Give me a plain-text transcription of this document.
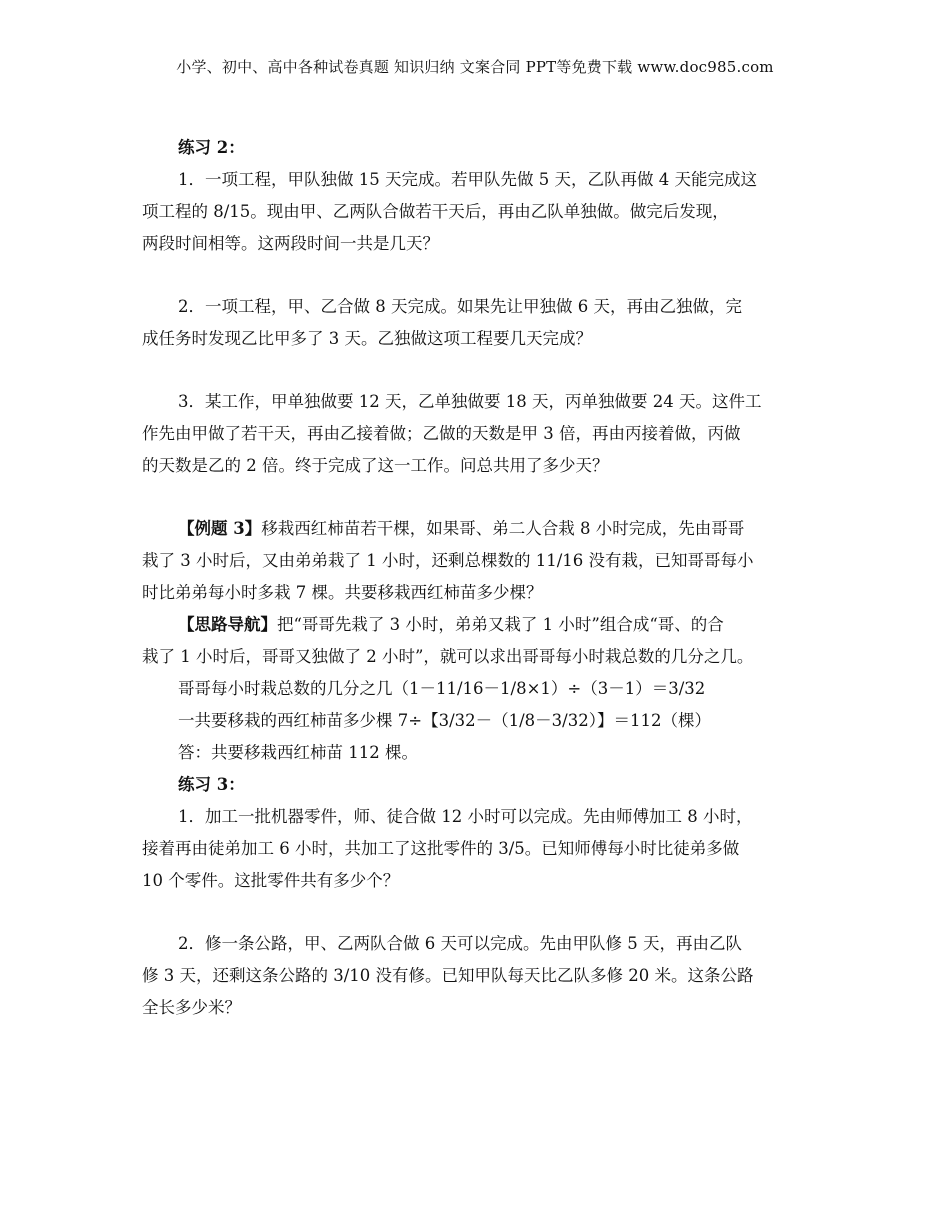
小学、初中、高中各种试卷真题 知识归纳 文案合同 PPT等免费下载 www.doc985.com
练习 2：
1．一项工程，甲队独做 15 天完成。若甲队先做 5 天，乙队再做 4 天能完成这
项工程的 8/15。现由甲、乙两队合做若干天后，再由乙队单独做。做完后发现，
两段时间相等。这两段时间一共是几天？
2．一项工程，甲、乙合做 8 天完成。如果先让甲独做 6 天，再由乙独做，完
成任务时发现乙比甲多了 3 天。乙独做这项工程要几天完成？
3．某工作，甲单独做要 12 天，乙单独做要 18 天，丙单独做要 24 天。这件工
作先由甲做了若干天，再由乙接着做；乙做的天数是甲 3 倍，再由丙接着做，丙做
的天数是乙的 2 倍。终于完成了这一工作。问总共用了多少天？
【例题 3】移栽西红柿苗若干棵，如果哥、弟二人合栽 8 小时完成，先由哥哥
栽了 3 小时后，又由弟弟栽了 1 小时，还剩总棵数的 11/16 没有栽，已知哥哥每小
时比弟弟每小时多栽 7 棵。共要移栽西红柿苗多少棵？
【思路导航】把“哥哥先栽了 3 小时，弟弟又栽了 1 小时”组合成“哥、的合
栽了 1 小时后，哥哥又独做了 2 小时”，就可以求出哥哥每小时栽总数的几分之几。
哥哥每小时栽总数的几分之几（1－11/16－1/8×1）÷（3－1）＝3/32
一共要移栽的西红柿苗多少棵 7÷【3/32－（1/8－3/32）】＝112（棵）
答：共要移栽西红柿苗 112 棵。
练习 3：
1．加工一批机器零件，师、徒合做 12 小时可以完成。先由师傅加工 8 小时，
接着再由徒弟加工 6 小时，共加工了这批零件的 3/5。已知师傅每小时比徒弟多做
10 个零件。这批零件共有多少个？
2．修一条公路，甲、乙两队合做 6 天可以完成。先由甲队修 5 天，再由乙队
修 3 天，还剩这条公路的 3/10 没有修。已知甲队每天比乙队多修 20 米。这条公路
全长多少米？
